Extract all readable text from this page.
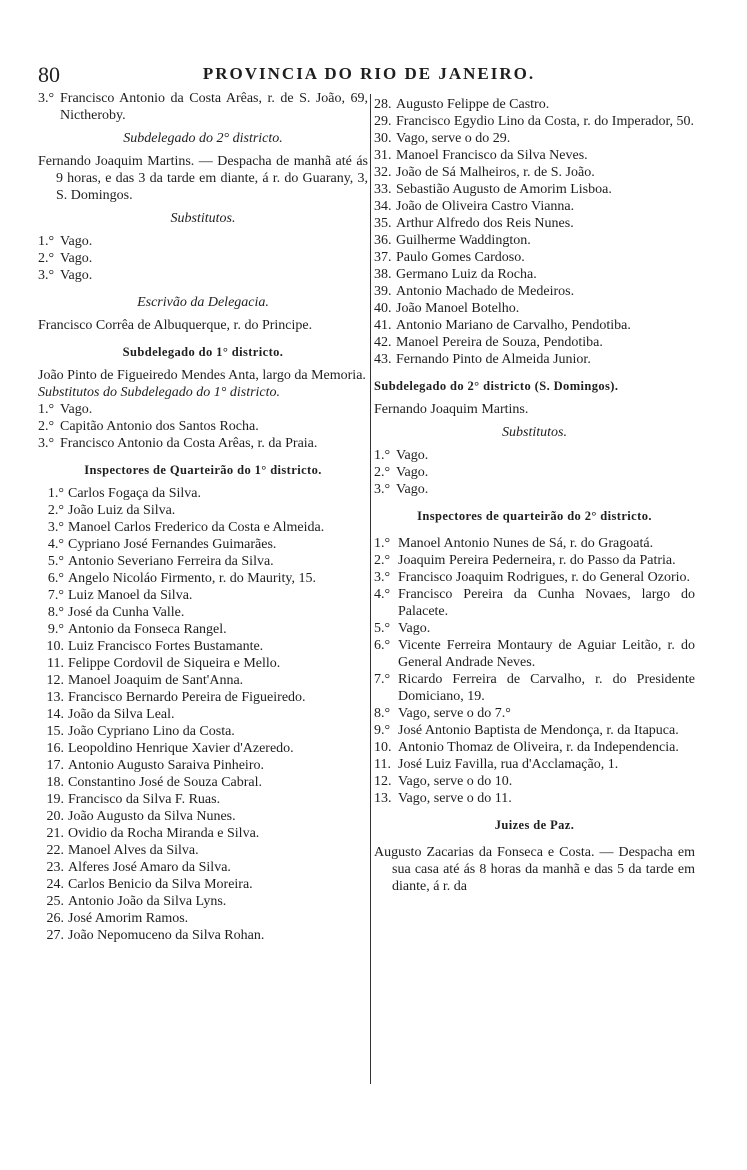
80	PROVINCIA DO RIO DE JANEIRO.
3.° Francisco Antonio da Costa Arêas, r. de S. João, 69, Nictheroby.
Subdelegado do 2° districto.
Fernando Joaquim Martins. — Despacha de manhã até ás 9 horas, e das 3 da tarde em diante, á r. do Guarany, 3, S. Domingos.
Substitutos.
1.° Vago.
2.° Vago.
3.° Vago.
Escrivão da Delegacia.
Francisco Corrêa de Albuquerque, r. do Principe.
Subdelegado do 1° districto.
João Pinto de Figueiredo Mendes Anta, largo da Memoria.
Substitutos do Subdelegado do 1° districto.
1.° Vago.
2.° Capitão Antonio dos Santos Rocha.
3.° Francisco Antonio da Costa Arêas, r. da Praia.
Inspectores de Quarteirão do 1° districto.
1.° Carlos Fogaça da Silva.
2.° João Luiz da Silva.
3.° Manoel Carlos Frederico da Costa e Almeida.
4.° Cypriano José Fernandes Guimarães.
5.° Antonio Severiano Ferreira da Silva.
6.° Angelo Nicoláo Firmento, r. do Maurity, 15.
7.° Luiz Manoel da Silva.
8.° José da Cunha Valle.
9.° Antonio da Fonseca Rangel.
10. Luiz Francisco Fortes Bustamante.
11. Felippe Cordovil de Siqueira e Mello.
12. Manoel Joaquim de Sant'Anna.
13. Francisco Bernardo Pereira de Figueiredo.
14. João da Silva Leal.
15. João Cypriano Lino da Costa.
16. Leopoldino Henrique Xavier d'Azeredo.
17. Antonio Augusto Saraiva Pinheiro.
18. Constantino José de Souza Cabral.
19. Francisco da Silva F. Ruas.
20. João Augusto da Silva Nunes.
21. Ovidio da Rocha Miranda e Silva.
22. Manoel Alves da Silva.
23. Alferes José Amaro da Silva.
24. Carlos Benicio da Silva Moreira.
25. Antonio João da Silva Lyns.
26. José Amorim Ramos.
27. João Nepomuceno da Silva Rohan.
28. Augusto Felippe de Castro.
29. Francisco Egydio Lino da Costa, r. do Imperador, 50.
30. Vago, serve o do 29.
31. Manoel Francisco da Silva Neves.
32. João de Sá Malheiros, r. de S. João.
33. Sebastião Augusto de Amorim Lisboa.
34. João de Oliveira Castro Vianna.
35. Arthur Alfredo dos Reis Nunes.
36. Guilherme Waddington.
37. Paulo Gomes Cardoso.
38. Germano Luiz da Rocha.
39. Antonio Machado de Medeiros.
40. João Manoel Botelho.
41. Antonio Mariano de Carvalho, Pendotiba.
42. Manoel Pereira de Souza, Pendotiba.
43. Fernando Pinto de Almeida Junior.
Subdelegado do 2° districto (S. Domingos).
Fernando Joaquim Martins.
Substitutos.
1.° Vago.
2.° Vago.
3.° Vago.
Inspectores de quarteirão do 2° districto.
1.° Manoel Antonio Nunes de Sá, r. do Gragoatá.
2.° Joaquim Pereira Pederneira, r. do Passo da Patria.
3.° Francisco Joaquim Rodrigues, r. do General Ozorio.
4.° Francisco Pereira da Cunha Novaes, largo do Palacete.
5.° Vago.
6.° Vicente Ferreira Montaury de Aguiar Leitão, r. do General Andrade Neves.
7.° Ricardo Ferreira de Carvalho, r. do Presidente Domiciano, 19.
8.° Vago, serve o do 7.°
9.° José Antonio Baptista de Mendonça, r. da Itapuca.
10. Antonio Thomaz de Oliveira, r. da Independencia.
11. José Luiz Favilla, rua d'Acclamação, 1.
12. Vago, serve o do 10.
13. Vago, serve o do 11.
Juizes de Paz.
Augusto Zacarias da Fonseca e Costa. — Despacha em sua casa até ás 8 horas da manhã e das 5 da tarde em diante, á r. da
